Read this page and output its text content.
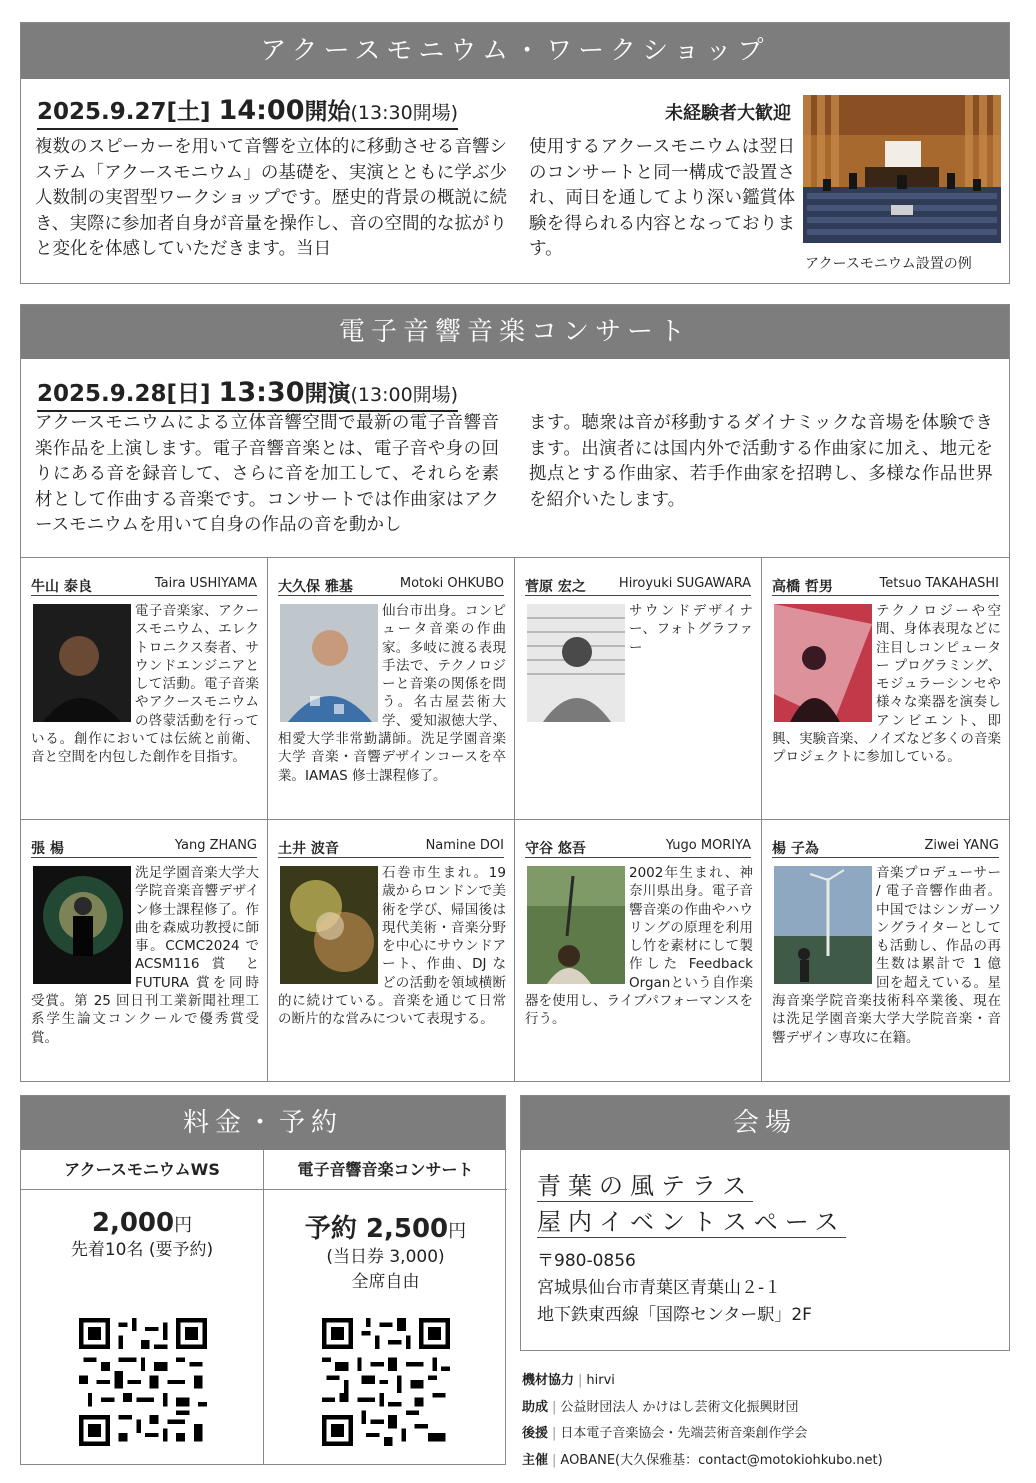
アクースモニウム・ワークショップ
2025.9.27[土] 14:00開始(13:30開場)	未経験者大歓迎

複数のスピーカーを用いて音響を立体的に移動させる音響システム「アクースモニウム」の基礎を、実演とともに学ぶ少人数制の実習型ワークショップです。歴史的背景の概説に続き、実際に参加者自身が音量を操作し、音の空間的な拡がりと変化を体感していただきます。当日

使用するアクースモニウムは翌日のコンサートと同一構成で設置され、両日を通してより深い鑑賞体験を得られる内容となっております。

アクースモニウム設置の例
電子音響音楽コンサート
2025.9.28[日] 13:30開演(13:00開場)

アクースモニウムによる立体音響空間で最新の電子音響音楽作品を上演します。電子音響音楽とは、電子音や身の回りにある音を録音して、さらに音を加工して、それらを素材として作曲する音楽です。コンサートでは作曲家はアクースモニウムを用いて自身の作品の音を動かし

ます。聴衆は音が移動するダイナミックな音場を体験できます。出演者には国内外で活動する作曲家に加え、地元を拠点とする作曲家、若手作曲家を招聘し、多様な作品世界を紹介いたします。

牛山 泰良	Taira USHIYAMA

電子音楽家、アクースモニウム、エレクトロニクス奏者、サウンドエンジニアとして活動。電子音楽やアクースモニウムの啓蒙活動を行っている。創作においては伝統と前衛、音と空間を内包した創作を目指す。

大久保 雅基	Motoki OHKUBO

仙台市出身。コンピュータ音楽の作曲家。多岐に渡る表現手法で、テクノロジーと音楽の関係を問う。名古屋芸術大学、愛知淑徳大学、相愛大学非常勤講師。洗足学園音楽大学 音楽・音響デザインコースを卒業。IAMAS 修士課程修了。

菅原 宏之	Hiroyuki SUGAWARA

サウンドデザイナー、フォトグラファー

高橋 哲男	Tetsuo TAKAHASHI

テクノロジーや空間、身体表現などに注目しコンピューター プログラミング、モジュラーシンセや様々な楽器を演奏しアンビエント、即興、実験音楽、ノイズなど多くの音楽プロジェクトに参加している。

張 楊	Yang ZHANG

洗足学園音楽大学大学院音楽音響デザイン修士課程修了。作曲を森威功教授に師事。CCMC2024 で ACSM116 賞 と FUTURA 賞を同時受賞。第 25 回日刊工業新聞社理工系学生論文コンクールで優秀賞受賞。

土井 波音	Namine DOI

石巻市生まれ。19 歳からロンドンで美術を学び、帰国後は現代美術・音楽分野を中心にサウンドアート、作曲、DJ などの活動を領域横断的に続けている。音楽を通じて日常の断片的な営みについて表現する。

守谷 悠吾	Yugo MORIYA

2002年生まれ、神奈川県出身。電子音響音楽の作曲やハウリングの原理を利用し竹を素材にして製作した Feedback Organという自作楽器を使用し、ライブパフォーマンスを行う。

楊 子為	Ziwei YANG

音楽プロデューサー / 電子音響作曲者。中国ではシンガーソングライターとしても活動し、作品の再生数は累計で 1 億回を超えている。星海音楽学院音楽技術科卒業後、現在は洗足学園音楽大学大学院音楽・音響デザイン専攻に在籍。

料金・予約
アクースモニウムWS
2,000円
先着10名 (要予約)
電子音響音楽コンサート
予約 2,500円
(当日券 3,000)
全席自由
会場
青葉の風テラス
屋内イベントスペース
〒980-0856
宮城県仙台市青葉区青葉山２-１
地下鉄東西線「国際センター駅」2F
機材協力 | hirvi
助成 | 公益財団法人 かけはし芸術文化振興財団
後援 | 日本電子音楽協会・先端芸術音楽創作学会
主催 | AOBANE(大久保雅基：contact@motokiohkubo.net)
